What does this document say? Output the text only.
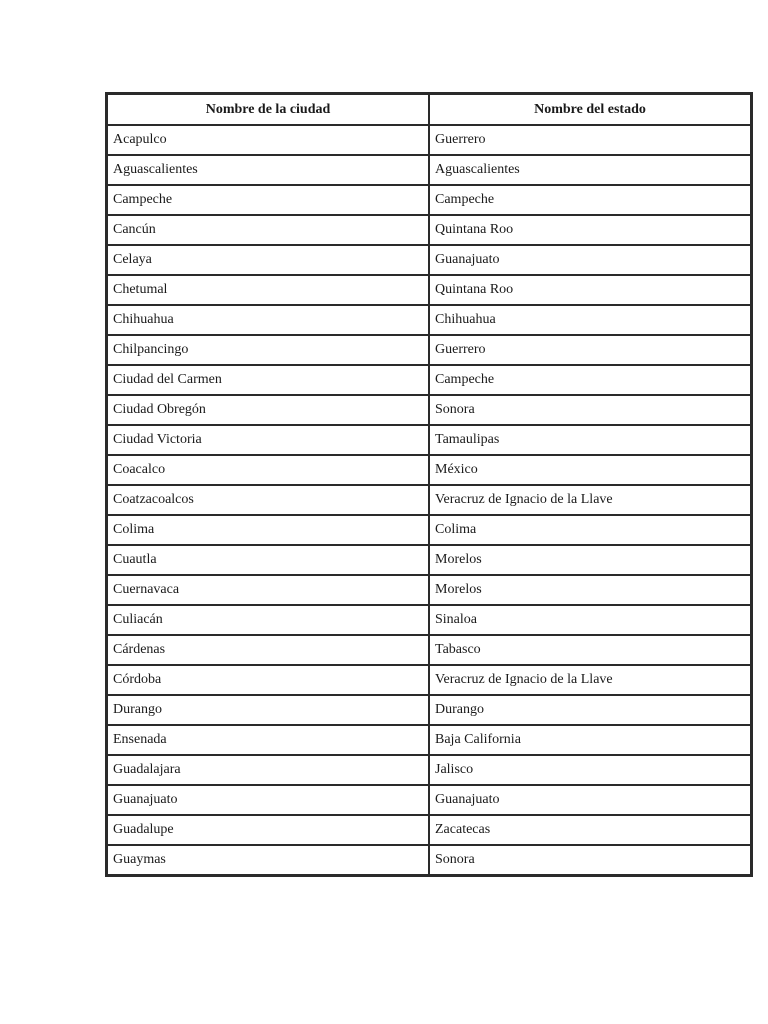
Nombre de la ciudad	Nombre del estado
Acapulco	Guerrero
Aguascalientes	Aguascalientes
Campeche	Campeche
Cancún	Quintana Roo
Celaya	Guanajuato
Chetumal	Quintana Roo
Chihuahua	Chihuahua
Chilpancingo	Guerrero
Ciudad del Carmen	Campeche
Ciudad Obregón	Sonora
Ciudad Victoria	Tamaulipas
Coacalco	México
Coatzacoalcos	Veracruz de Ignacio de la Llave
Colima	Colima
Cuautla	Morelos
Cuernavaca	Morelos
Culiacán	Sinaloa
Cárdenas	Tabasco
Córdoba	Veracruz de Ignacio de la Llave
Durango	Durango
Ensenada	Baja California
Guadalajara	Jalisco
Guanajuato	Guanajuato
Guadalupe	Zacatecas
Guaymas	Sonora
